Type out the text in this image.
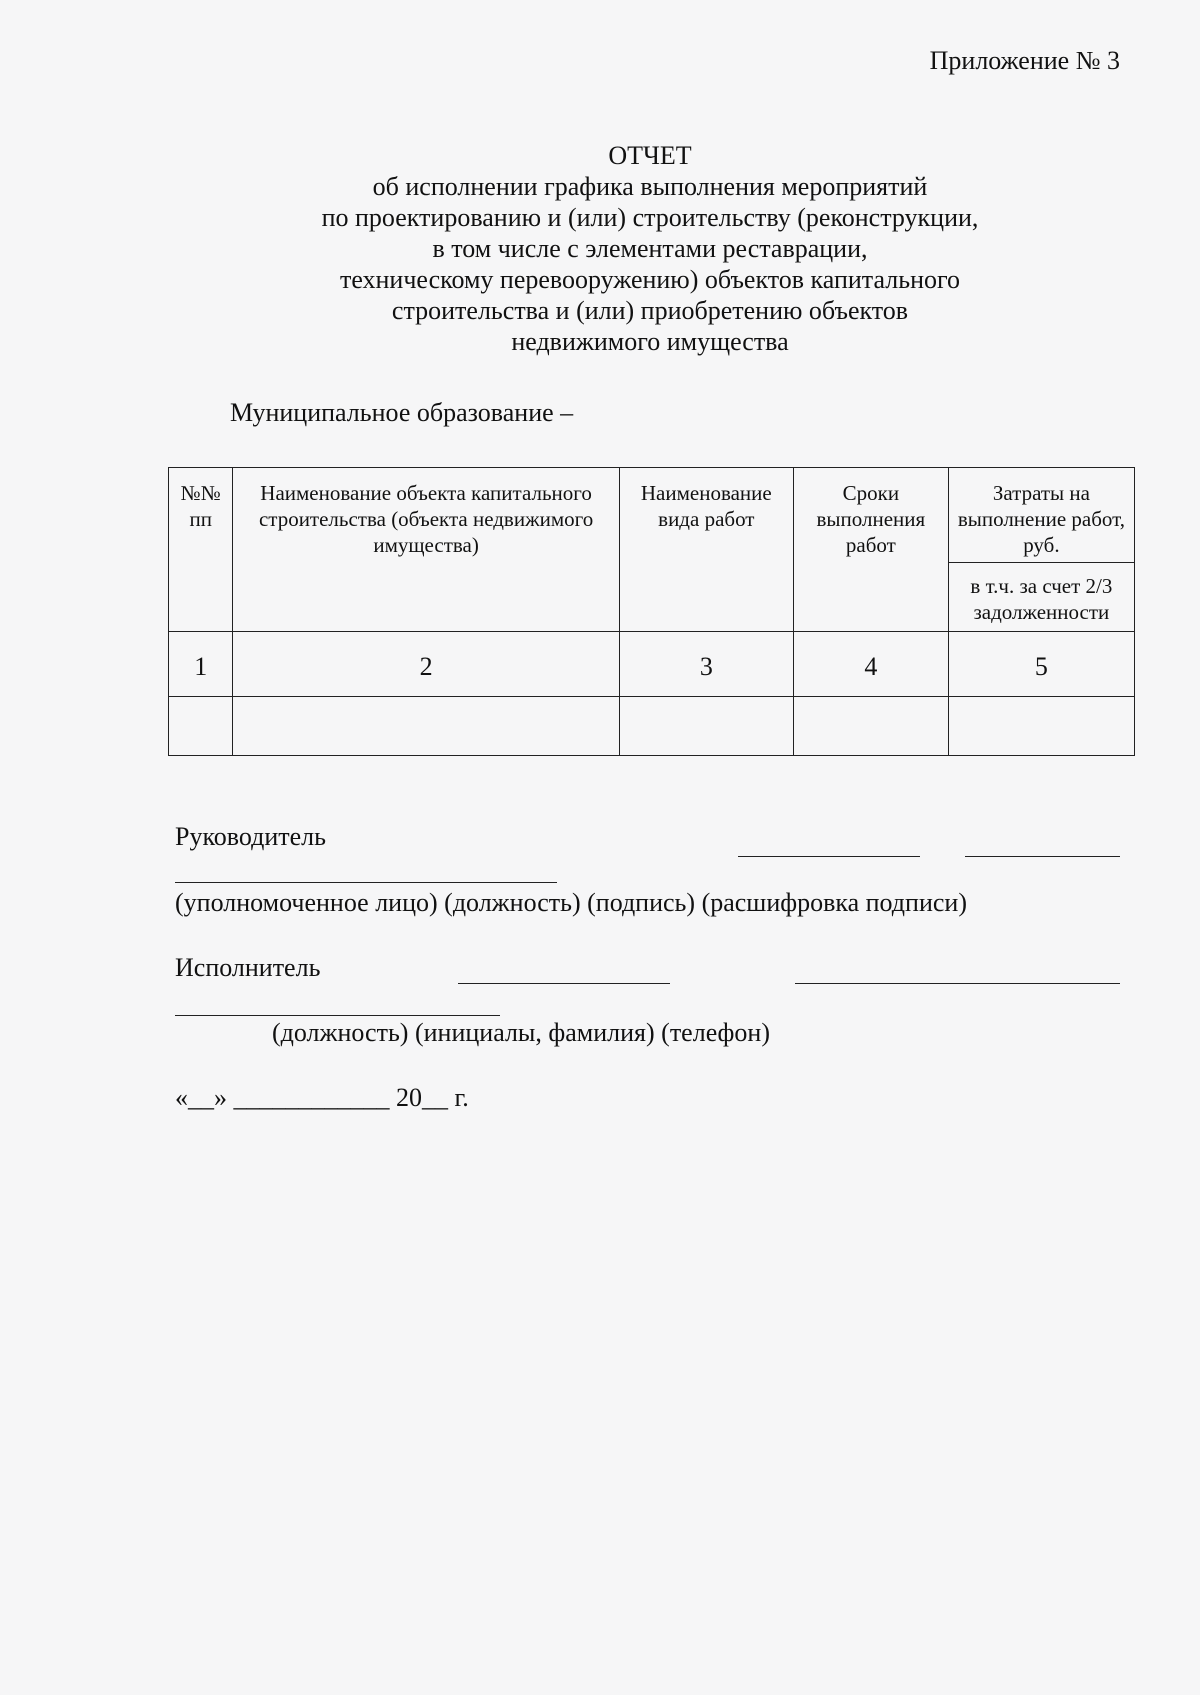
Приложение № 3
ОТЧЕТ
об исполнении графика выполнения мероприятий
по проектированию и (или) строительству (реконструкции,
в том числе с элементами реставрации,
техническому перевооружению) объектов капитального
строительства и (или) приобретению объектов
недвижимого имущества
Муниципальное образование –
№№ пп	Наименование объекта капитального строительства (объекта недвижимого имущества)	Наименование вида работ	Сроки выполнения работ	Затраты на выполнение работ, руб.
				в т.ч. за счет 2/3 задолженности
1	2	3	4	5

Руководитель
(уполномоченное лицо) (должность) (подпись) (расшифровка подписи)
Исполнитель
(должность) (инициалы, фамилия) (телефон)
«__» ____________ 20__ г.
